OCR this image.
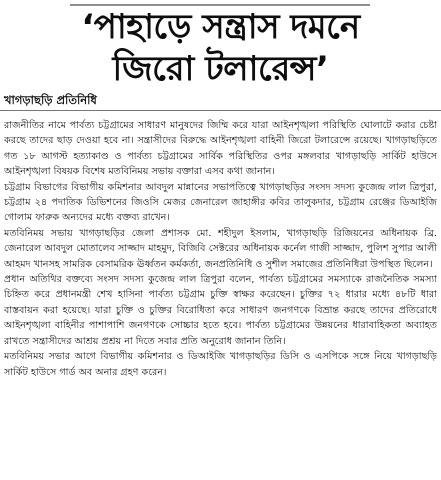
‘পাহাড়ে সন্ত্রাস দমনে
জিরো টলারেন্স’
খাগড়াছড়ি প্রতিনিধি

রাজনীতির নামে পার্বত্য চট্টগ্রামের সাধারণ মানুষদের জিম্মি করে যারা আইনশৃঙ্খলা পরিস্থিতি ঘোলাটে করার চেষ্টা করছে তাদের ছাড় দেওয়া হবে না। সন্ত্রাসীদের বিরুদ্ধে আইনশৃঙ্খলা বাহিনী জিরো টলারেন্সে রয়েছে। খাগড়াছড়িতে গত ১৮ আগস্ট হত্যাকাণ্ড ও পার্বত্য চট্টগ্রামের সার্বিক পরিস্থিতির ওপর মঙ্গলবার খাগড়াছড়ি সার্কিট হাউসে আইনশৃঙ্খলা বিষয়ক বিশেষ মতবিনিময় সভায় বক্তারা এসব কথা জানান।

চট্টগ্রাম বিভাগের বিভাগীয় কমিশনার আবদুল মান্নানের সভাপতিত্বে খাগড়াছড়ির সংসদ সদস্য কুজেন্দ্র লাল ত্রিপুরা, চট্টগ্রাম ২৪ পদাতিক ডিভিশনের জিওসি মেজর জেনারেল জাহাঙ্গীর কবির তালুকদার, চট্টগ্রাম রেঞ্জের ডিআইজি গোলাম ফারুক অন্যদের মধ্যে বক্তব্য রাখেন।

মতবিনিময় সভায় খাগড়াছড়ির জেলা প্রশাসক মো. শহীদুল ইসলাম, খাগড়াছড়ি রিজিয়নের অধিনায়ক ব্রি. জেনারেল আবদুল মোতালেব সাজ্জাদ মাহমুদ, বিজিবি সেক্টরের অধিনায়ক কর্নেল গাজী সাজ্জাদ, পুলিশ সুপার আলী আহমদ খানসহ সামরিক বেসামরিক ঊর্ধ্বতন কর্মকর্তা, জনপ্রতিনিধি ও সুশীল সমাজের প্রতিনিধিরা উপস্থিত ছিলেন।

প্রধান অতিথির বক্তব্যে সংসদ সদস্য কুজেন্দ্র লাল ত্রিপুরা বলেন, পার্বত্য চট্টগ্রামের সমস্যাকে রাজনৈতিক সমস্যা চিহ্নিত করে প্রধানমন্ত্রী শেখ হাসিনা পার্বত্য চট্টগ্রাম চুক্তি স্বাক্ষর করেছেন। চুক্তির ৭২ ধারার মধ্যে ৪৮টি ধারা বাস্তবায়ন করা হয়েছে। যারা চুক্তি ও চুক্তির বিরোধিতা করে সাধারণ জনগণকে বিভ্রান্ত করছে তাদের প্রতিরোধে আইনশৃঙ্খলা বাহিনীর পাশাপাশি জনগণকে সোচ্চার হতে হবে। পার্বত্য চট্টগ্রামের উন্নয়নের ধারাবাহিকতা অব্যাহত রাখতে সন্ত্রাসীদের আশ্রয় প্রশ্রয় না দিতে সবার প্রতি অনুরোধ জানান তিনি।

মতবিনিময় সভার আগে বিভাগীয় কমিশনার ও ডিআইজি খাগড়াছড়ির ডিসি ও এসপিকে সঙ্গে নিয়ে খাগড়াছড়ি সার্কিট হাউসে গার্ড অব অনার গ্রহণ করেন।
